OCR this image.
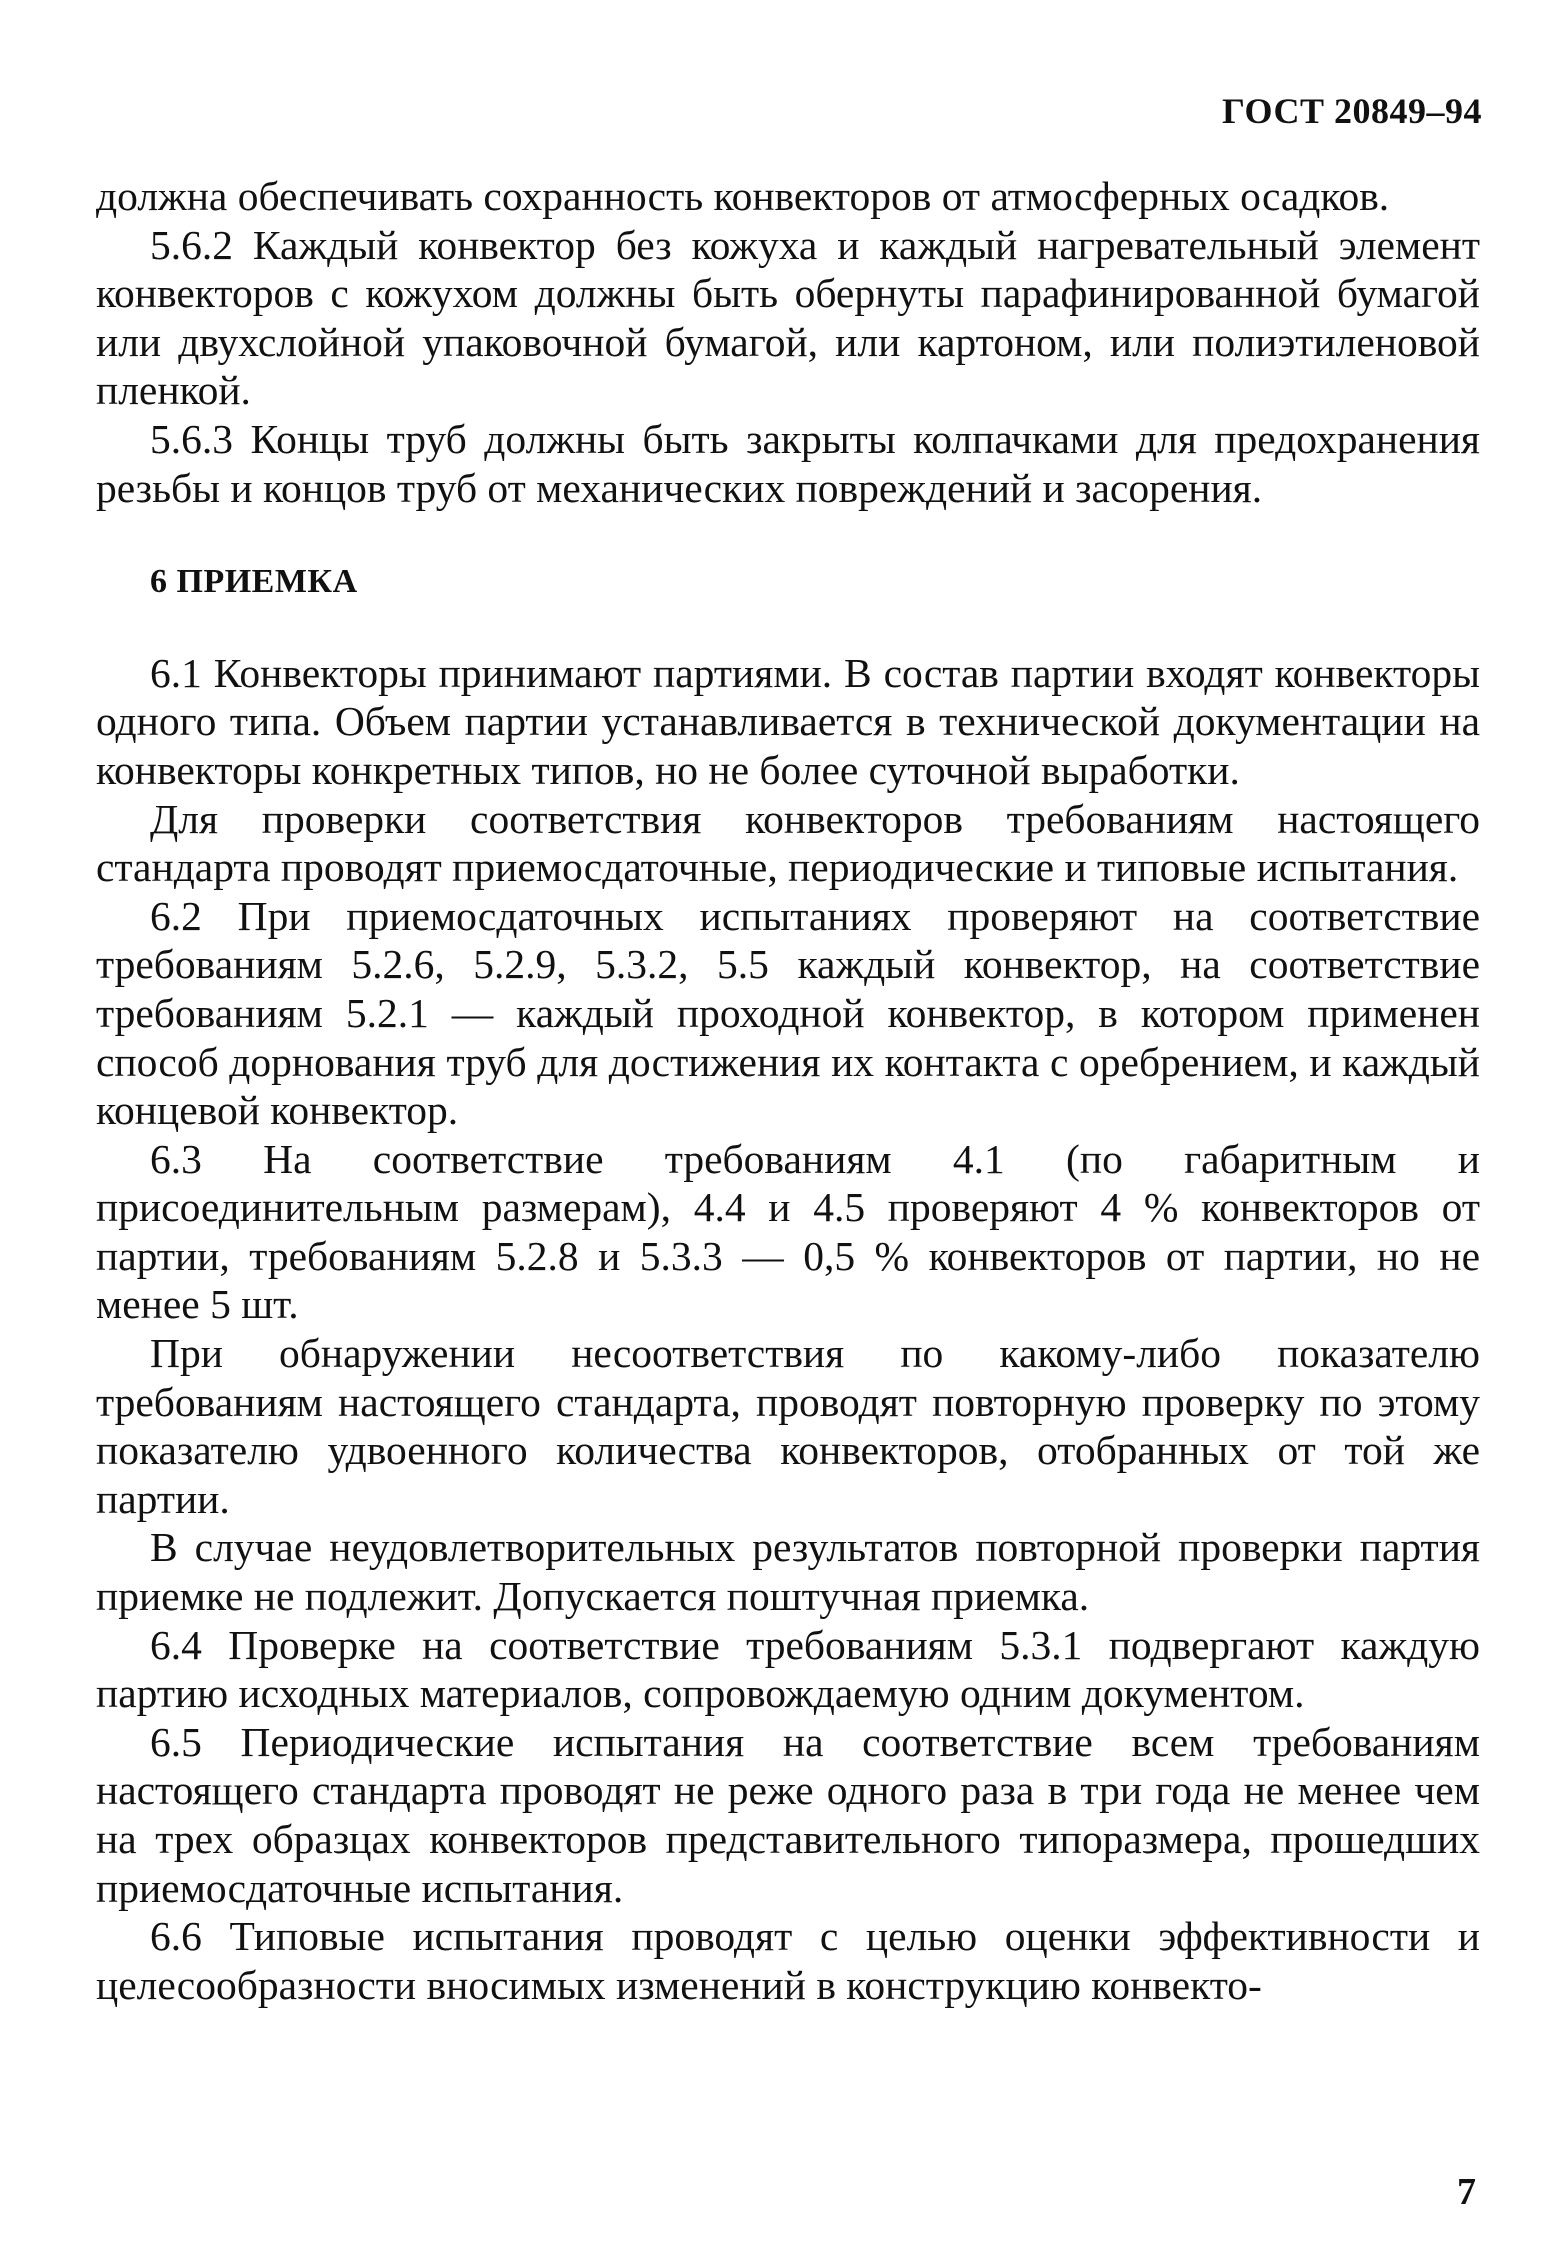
ГОСТ 20849–94

должна обеспечивать сохранность конвекторов от атмосферных осадков.

5.6.2 Каждый конвектор без кожуха и каждый нагревательный элемент конвекторов с кожухом должны быть обернуты парафинированной бумагой или двухслойной упаковочной бумагой, или картоном, или полиэтиленовой пленкой.

5.6.3 Концы труб должны быть закрыты колпачками для предохранения резьбы и концов труб от механических повреждений и засорения.

6 ПРИЕМКА

6.1 Конвекторы принимают партиями. В состав партии входят конвекторы одного типа. Объем партии устанавливается в технической документации на конвекторы конкретных типов, но не более суточной выработки.

Для проверки соответствия конвекторов требованиям настоящего стандарта проводят приемосдаточные, периодические и типовые испытания.

6.2 При приемосдаточных испытаниях проверяют на соответствие требованиям 5.2.6, 5.2.9, 5.3.2, 5.5 каждый конвектор, на соответствие требованиям 5.2.1 — каждый проходной конвектор, в котором применен способ дорнования труб для достижения их контакта с оребрением, и каждый концевой конвектор.

6.3 На соответствие требованиям 4.1 (по габаритным и присоединительным размерам), 4.4 и 4.5 проверяют 4 % конвекторов от партии, требованиям 5.2.8 и 5.3.3 — 0,5 % конвекторов от партии, но не менее 5 шт.

При обнаружении несоответствия по какому-либо показателю требованиям настоящего стандарта, проводят повторную проверку по этому показателю удвоенного количества конвекторов, отобранных от той же партии.

В случае неудовлетворительных результатов повторной проверки партия приемке не подлежит. Допускается поштучная приемка.

6.4 Проверке на соответствие требованиям 5.3.1 подвергают каждую партию исходных материалов, сопровождаемую одним документом.

6.5 Периодические испытания на соответствие всем требованиям настоящего стандарта проводят не реже одного раза в три года не менее чем на трех образцах конвекторов представительного типоразмера, прошедших приемосдаточные испытания.

6.6 Типовые испытания проводят с целью оценки эффективности и целесообразности вносимых изменений в конструкцию конвекто-

7
